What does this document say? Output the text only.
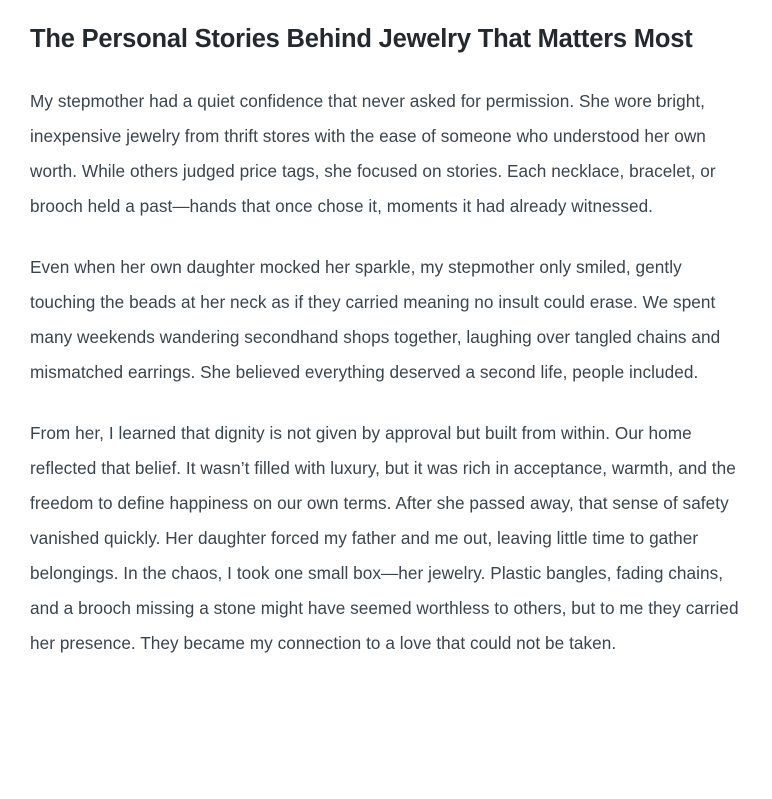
The Personal Stories Behind Jewelry That Matters Most

My stepmother had a quiet confidence that never asked for permission. She wore bright, inexpensive jewelry from thrift stores with the ease of someone who understood her own worth. While others judged price tags, she focused on stories. Each necklace, bracelet, or brooch held a past—hands that once chose it, moments it had already witnessed.

Even when her own daughter mocked her sparkle, my stepmother only smiled, gently touching the beads at her neck as if they carried meaning no insult could erase. We spent many weekends wandering secondhand shops together, laughing over tangled chains and mismatched earrings. She believed everything deserved a second life, people included.

From her, I learned that dignity is not given by approval but built from within. Our home reflected that belief. It wasn’t filled with luxury, but it was rich in acceptance, warmth, and the freedom to define happiness on our own terms. After she passed away, that sense of safety vanished quickly. Her daughter forced my father and me out, leaving little time to gather belongings. In the chaos, I took one small box—her jewelry. Plastic bangles, fading chains, and a brooch missing a stone might have seemed worthless to others, but to me they carried her presence. They became my connection to a love that could not be taken.
